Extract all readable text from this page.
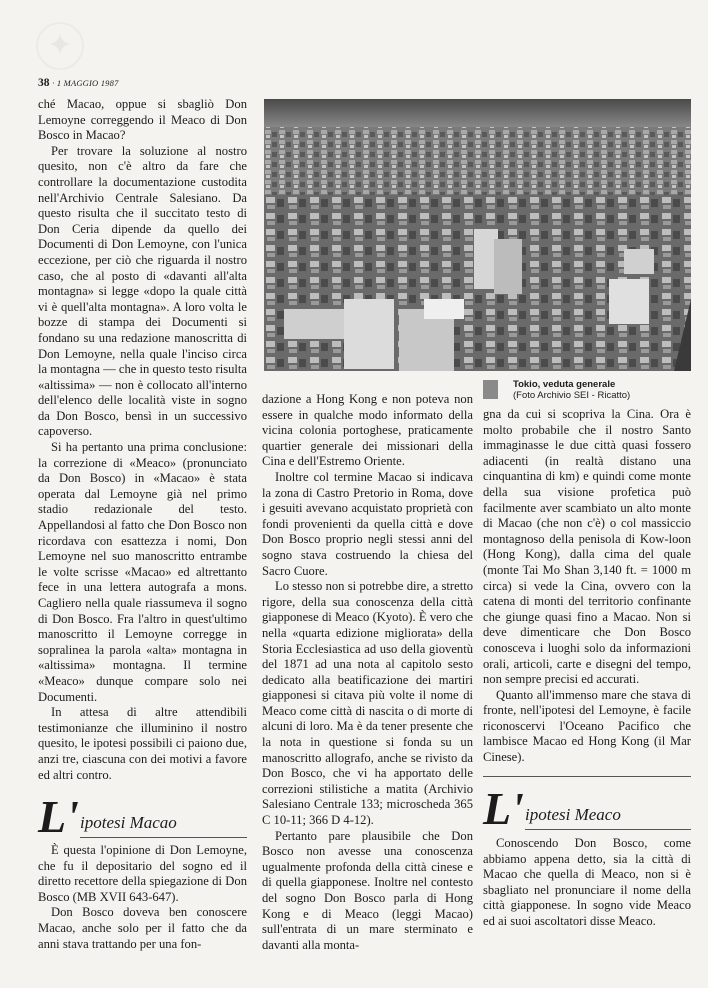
✦
38 · 1 MAGGIO 1987

ché Macao, oppue si sbagliò Don Lemoyne correggendo il Meaco di Don Bosco in Macao?

Per trovare la soluzione al nostro quesito, non c'è altro da fare che controllare la documentazione custodita nell'Archivio Centrale Salesiano. Da questo risulta che il succitato testo di Don Ceria dipende da quello dei Documenti di Don Lemoyne, con l'unica eccezione, per ciò che riguarda il nostro caso, che al posto di «davanti all'alta montagna» si legge «dopo la quale città vi è quell'alta montagna». A loro volta le bozze di stampa dei Documenti si fondano su una redazione manoscritta di Don Lemoyne, nella quale l'inciso circa la montagna — che in questo testo risulta «altissima» — non è collocato all'interno dell'elenco delle località viste in sogno da Don Bosco, bensì in un successivo capoverso.

Si ha pertanto una prima conclusione: la correzione di «Meaco» (pronunciato da Don Bosco) in «Macao» è stata operata dal Lemoyne già nel primo stadio redazionale del testo. Appellandosi al fatto che Don Bosco non ricordava con esattezza i nomi, Don Lemoyne nel suo manoscritto entrambe le volte scrisse «Macao» ed altrettanto fece in una lettera autografa a mons. Cagliero nella quale riassumeva il sogno di Don Bosco. Fra l'altro in quest'ultimo manoscritto il Lemoyne corregge in sopralinea la parola «alta» montagna in «altissima» montagna. Il termine «Meaco» dunque compare solo nei Documenti.

In attesa di altre attendibili testimonianze che illuminino il nostro quesito, le ipotesi possibili ci paiono due, anzi tre, ciascuna con dei motivi a favore ed altri contro.

L' ipotesi Macao

È questa l'opinione di Don Lemoyne, che fu il depositario del sogno ed il diretto recettore della spiegazione di Don Bosco (MB XVII 643-647).

Don Bosco doveva ben conoscere Macao, anche solo per il fatto che da anni stava trattando per una fon-

Tokio, veduta generale
(Foto Archivio SEI - Ricatto)

dazione a Hong Kong e non poteva non essere in qualche modo informato della vicina colonia portoghese, praticamente quartier generale dei missionari della Cina e dell'Estremo Oriente.

Inoltre col termine Macao si indicava la zona di Castro Pretorio in Roma, dove i gesuiti avevano acquistato proprietà con fondi provenienti da quella città e dove Don Bosco proprio negli stessi anni del sogno stava costruendo la chiesa del Sacro Cuore.

Lo stesso non si potrebbe dire, a stretto rigore, della sua conoscenza della città giapponese di Meaco (Kyoto). È vero che nella «quarta edizione migliorata» della Storia Ecclesiastica ad uso della gioventù del 1871 ad una nota al capitolo sesto dedicato alla beatificazione dei martiri giapponesi si citava più volte il nome di Meaco come città di nascita o di morte di alcuni di loro. Ma è da tener presente che la nota in questione si fonda su un manoscritto allografo, anche se rivisto da Don Bosco, che vi ha apportato delle correzioni stilistiche a matita (Archivio Salesiano Centrale 133; microscheda 365 C 10-11; 366 D 4-12).

Pertanto pare plausibile che Don Bosco non avesse una conoscenza ugualmente profonda della città cinese e di quella giapponese. Inoltre nel contesto del sogno Don Bosco parla di Hong Kong e di Meaco (leggi Macao) sull'entrata di un mare sterminato e davanti alla monta-

gna da cui si scopriva la Cina. Ora è molto probabile che il nostro Santo immaginasse le due città quasi fossero adiacenti (in realtà distano una cinquantina di km) e quindi come monte della sua visione profetica può facilmente aver scambiato un alto monte di Macao (che non c'è) o col massiccio montagnoso della penisola di Kow-loon (Hong Kong), dalla cima del quale (monte Tai Mo Shan 3,140 ft. = 1000 m circa) si vede la Cina, ovvero con la catena di monti del territorio confinante che giunge quasi fino a Macao. Non si deve dimenticare che Don Bosco conosceva i luoghi solo da informazioni orali, articoli, carte e disegni del tempo, non sempre precisi ed accurati.

Quanto all'immenso mare che stava di fronte, nell'ipotesi del Lemoyne, è facile riconoscervi l'Oceano Pacifico che lambisce Macao ed Hong Kong (il Mar Cinese).

L' ipotesi Meaco

Conoscendo Don Bosco, come abbiamo appena detto, sia la città di Macao che quella di Meaco, non si è sbagliato nel pronunciare il nome della città giapponese. In sogno vide Meaco ed ai suoi ascoltatori disse Meaco.
